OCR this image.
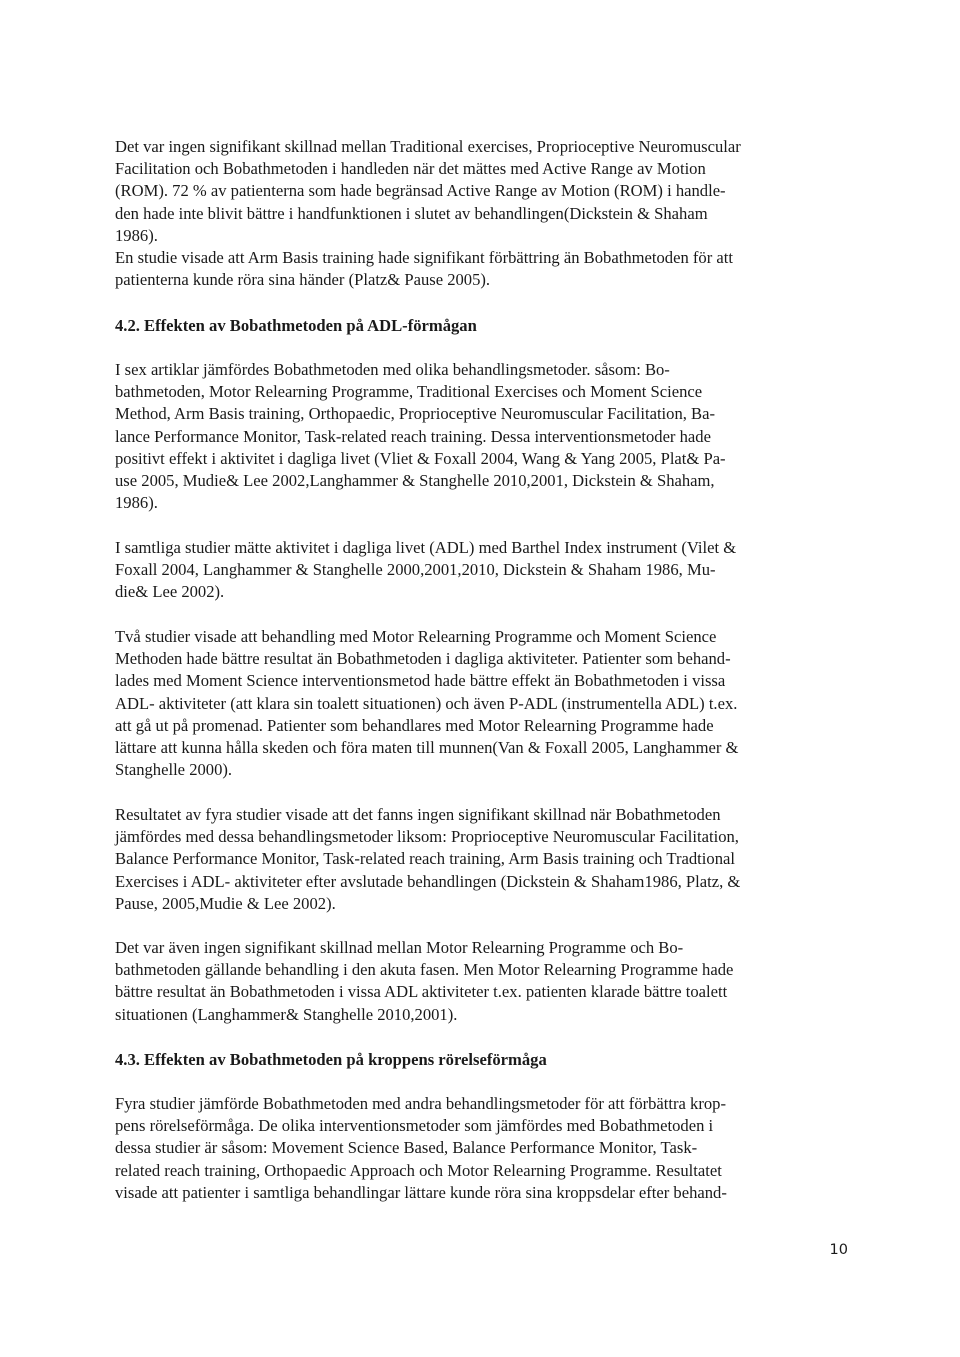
Det var ingen signifikant skillnad mellan Traditional exercises, Proprioceptive Neuromuscular
Facilitation och Bobathmetoden i handleden när det mättes med Active Range av Motion
(ROM). 72 % av patienterna som hade begränsad Active Range av Motion (ROM) i handle-
den hade inte blivit bättre i handfunktionen i slutet av behandlingen(Dickstein & Shaham
1986).
En studie visade att Arm Basis training hade signifikant förbättring än Bobathmetoden för att
patienterna kunde röra sina händer (Platz& Pause 2005).
4.2. Effekten av Bobathmetoden på ADL-förmågan
I sex artiklar jämfördes Bobathmetoden med olika behandlingsmetoder. såsom: Bo-
bathmetoden, Motor Relearning Programme, Traditional Exercises och Moment Science
Method, Arm Basis training, Orthopaedic, Proprioceptive Neuromuscular Facilitation, Ba-
lance Performance Monitor, Task-related reach training. Dessa interventionsmetoder hade
positivt effekt i aktivitet i dagliga livet (Vliet & Foxall 2004, Wang & Yang 2005, Plat& Pa-
use 2005, Mudie& Lee 2002,Langhammer & Stanghelle 2010,2001, Dickstein & Shaham,
1986).
I samtliga studier mätte aktivitet i dagliga livet (ADL) med Barthel Index instrument (Vilet &
Foxall 2004, Langhammer & Stanghelle 2000,2001,2010, Dickstein & Shaham 1986, Mu-
die& Lee 2002).
Två studier visade att behandling med Motor Relearning Programme och Moment Science
Methoden hade bättre resultat än Bobathmetoden i dagliga aktiviteter. Patienter som behand-
lades med Moment Science interventionsmetod hade bättre effekt än Bobathmetoden i vissa
ADL- aktiviteter (att klara sin toalett situationen) och även P-ADL (instrumentella ADL) t.ex.
att gå ut på promenad. Patienter som behandlares med Motor Relearning Programme hade
lättare att kunna hålla skeden och föra maten till munnen(Van & Foxall 2005, Langhammer &
Stanghelle 2000).
Resultatet av fyra studier visade att det fanns ingen signifikant skillnad när Bobathmetoden
jämfördes med dessa behandlingsmetoder liksom: Proprioceptive Neuromuscular Facilitation,
Balance Performance Monitor, Task-related reach training, Arm Basis training och Tradtional
Exercises i ADL- aktiviteter efter avslutade behandlingen (Dickstein & Shaham1986, Platz, &
Pause, 2005,Mudie & Lee 2002).
Det var även ingen signifikant skillnad mellan Motor Relearning Programme och Bo-
bathmetoden gällande behandling i den akuta fasen. Men Motor Relearning Programme hade
bättre resultat än Bobathmetoden i vissa ADL aktiviteter t.ex. patienten klarade bättre toalett
situationen (Langhammer& Stanghelle 2010,2001).
4.3. Effekten av Bobathmetoden på kroppens rörelseförmåga
Fyra studier jämförde Bobathmetoden med andra behandlingsmetoder för att förbättra krop-
pens rörelseförmåga. De olika interventionsmetoder som jämfördes med Bobathmetoden i
dessa studier är såsom: Movement Science Based, Balance Performance Monitor, Task-
related reach training, Orthopaedic Approach och Motor Relearning Programme. Resultatet
visade att patienter i samtliga behandlingar lättare kunde röra sina kroppsdelar efter behand-
10
